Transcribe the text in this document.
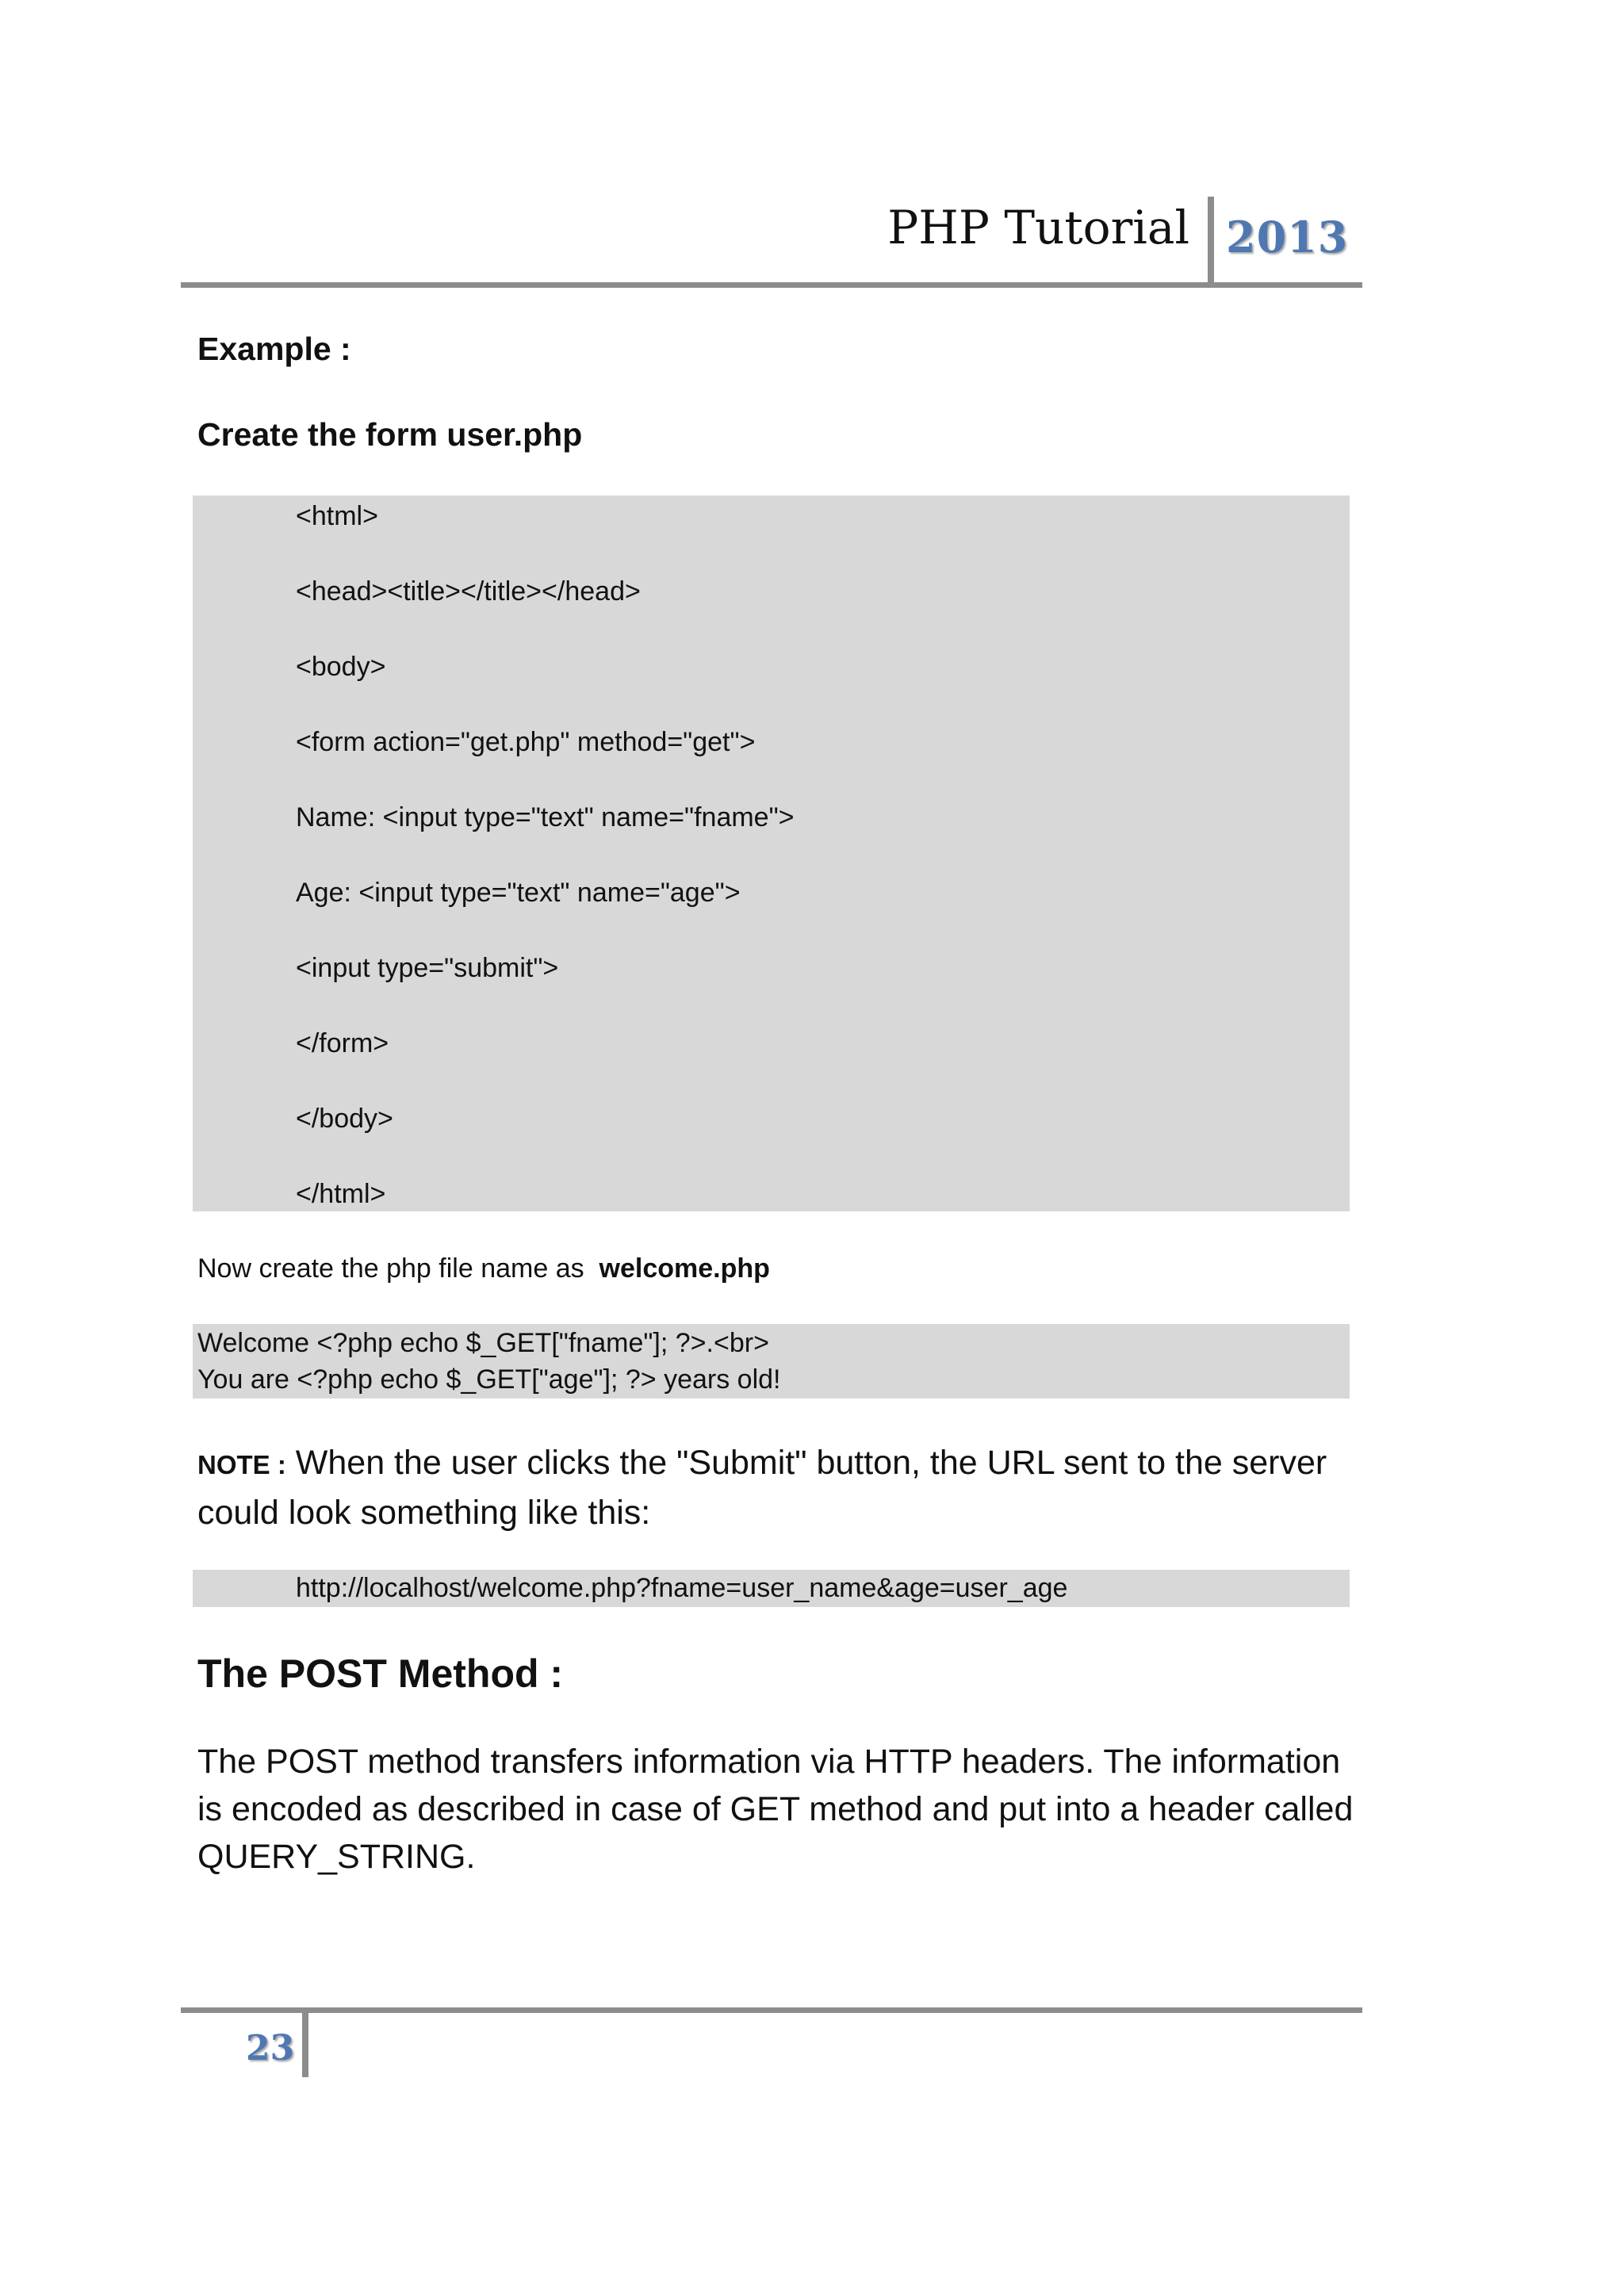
PHP Tutorial 2013
Example :
Create the form user.php
<html>
<head><title></title></head>
<body>
<form action="get.php" method="get">
Name: <input type="text" name="fname">
Age: <input type="text" name="age">
<input type="submit">
</form>
</body>
</html>
Now create the php file name as welcome.php
Welcome <?php echo $_GET["fname"]; ?>.<br>
You are <?php echo $_GET["age"]; ?> years old!
NOTE : When the user clicks the "Submit" button, the URL sent to the server could look something like this:
http://localhost/welcome.php?fname=user_name&age=user_age
The POST Method :
The POST method transfers information via HTTP headers. The information is encoded as described in case of GET method and put into a header called QUERY_STRING.
23
